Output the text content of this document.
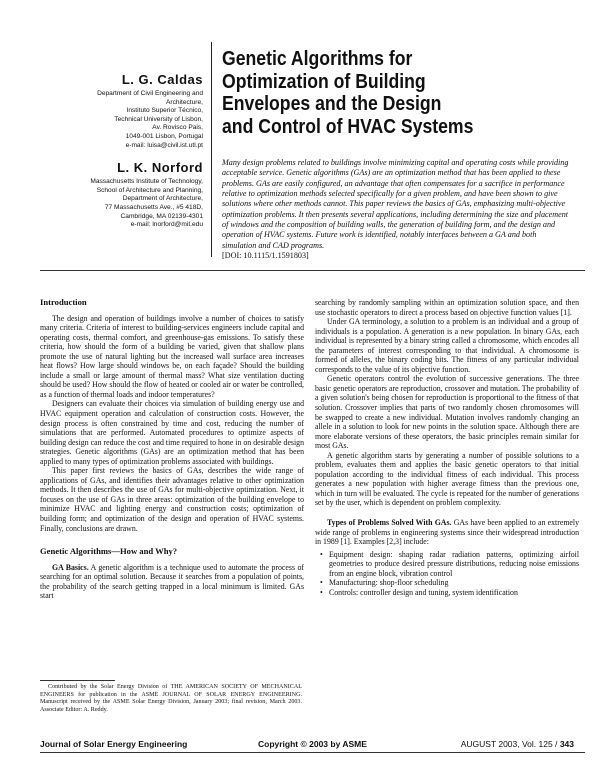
Genetic Algorithms for
Optimization of Building
Envelopes and the Design
and Control of HVAC Systems
L. G. Caldas
Department of Civil Engineering and
Architecture,
Instituto Superior Técnico,
Technical University of Lisbon,
Av. Rovisco Pais,
1049-001 Lisbon, Portugal
e-mail: luisa@civil.ist.utl.pt
L. K. Norford
Massachusetts Institute of Technology,
School of Architecture and Planning,
Department of Architecture,
77 Massachusetts Ave., #5 418D,
Cambridge, MA 02139-4301
e-mail: lnorford@mit.edu
Many design problems related to buildings involve minimizing capital and operating costs while providing acceptable service. Genetic algorithms (GAs) are an optimization method that has been applied to these problems. GAs are easily configured, an advantage that often compensates for a sacrifice in performance relative to optimization methods selected specifically for a given problem, and have been shown to give solutions where other methods cannot. This paper reviews the basics of GAs, emphasizing multi-objective optimization problems. It then presents several applications, including determining the size and placement of windows and the composition of building walls, the generation of building form, and the design and operation of HVAC systems. Future work is identified, notably interfaces between a GA and both simulation and CAD programs.
[DOI: 10.1115/1.1591803]
Introduction

The design and operation of buildings involve a number of choices to satisfy many criteria. Criteria of interest to building-services engineers include capital and operating costs, thermal comfort, and greenhouse-gas emissions. To satisfy these criteria, how should the form of a building be varied, given that shallow plans promote the use of natural lighting but the increased wall surface area increases heat flows? How large should windows be, on each façade? Should the building include a small or large amount of thermal mass? What size ventilation ducting should be used? How should the flow of heated or cooled air or water be controlled, as a function of thermal loads and indoor temperatures?

Designers can evaluate their choices via simulation of building energy use and HVAC equipment operation and calculation of construction costs. However, the design process is often constrained by time and cost, reducing the number of simulations that are performed. Automated procedures to optimize aspects of building design can reduce the cost and time required to hone in on desirable design strategies. Genetic algorithms (GAs) are an optimization method that has been applied to many types of optimization problems associated with buildings.

This paper first reviews the basics of GAs, describes the wide range of applications of GAs, and identifies their advantages relative to other optimization methods. It then describes the use of GAs for multi-objective optimization. Next, it focuses on the use of GAs in three areas: optimization of the building envelope to minimize HVAC and lighting energy and construction costs; optimization of building form; and optimization of the design and operation of HVAC systems. Finally, conclusions are drawn.

Genetic Algorithms—How and Why?

GA Basics. A genetic algorithm is a technique used to automate the process of searching for an optimal solution. Because it searches from a population of points, the probability of the search getting trapped in a local minimum is limited. GAs start

Contributed by the Solar Energy Division of THE AMERICAN SOCIETY OF MECHANICAL ENGINEERS for publication in the ASME JOURNAL OF SOLAR ENERGY ENGINEERING. Manuscript received by the ASME Solar Energy Division, January 2003; final revision, March 2003. Associate Editor: A. Reddy.

searching by randomly sampling within an optimization solution space, and then use stochastic operators to direct a process based on objective function values [1].

Under GA terminology, a solution to a problem is an individual and a group of individuals is a population. A generation is a new population. In binary GAs, each individual is represented by a binary string called a chromosome, which encodes all the parameters of interest corresponding to that individual. A chromosome is formed of alleles, the binary coding bits. The fitness of any particular individual corresponds to the value of its objective function.

Genetic operators control the evolution of successive generations. The three basic genetic operators are reproduction, crossover and mutation. The probability of a given solution's being chosen for reproduction is proportional to the fitness of that solution. Crossover implies that parts of two randomly chosen chromosomes will be swapped to create a new individual. Mutation involves randomly changing an allele in a solution to look for new points in the solution space. Although there are more elaborate versions of these operators, the basic principles remain similar for most GAs.

A genetic algorithm starts by generating a number of possible solutions to a problem, evaluates them and applies the basic genetic operators to that initial population according to the individual fitness of each individual. This process generates a new population with higher average fitness than the previous one, which in turn will be evaluated. The cycle is repeated for the number of generations set by the user, which is dependent on problem complexity.

Types of Problems Solved With GAs. GAs have been applied to an extremely wide range of problems in engineering systems since their widespread introduction in 1989 [1]. Examples [2,3] include:

• Equipment design: shaping radar radiation patterns, optimizing airfoil geometries to produce desired pressure distributions, reducing noise emissions from an engine block, vibration control
• Manufacturing: shop-floor scheduling
• Controls: controller design and tuning, system identification
Journal of Solar Energy Engineering	Copyright © 2003 by ASME	AUGUST 2003, Vol. 125 / 343
